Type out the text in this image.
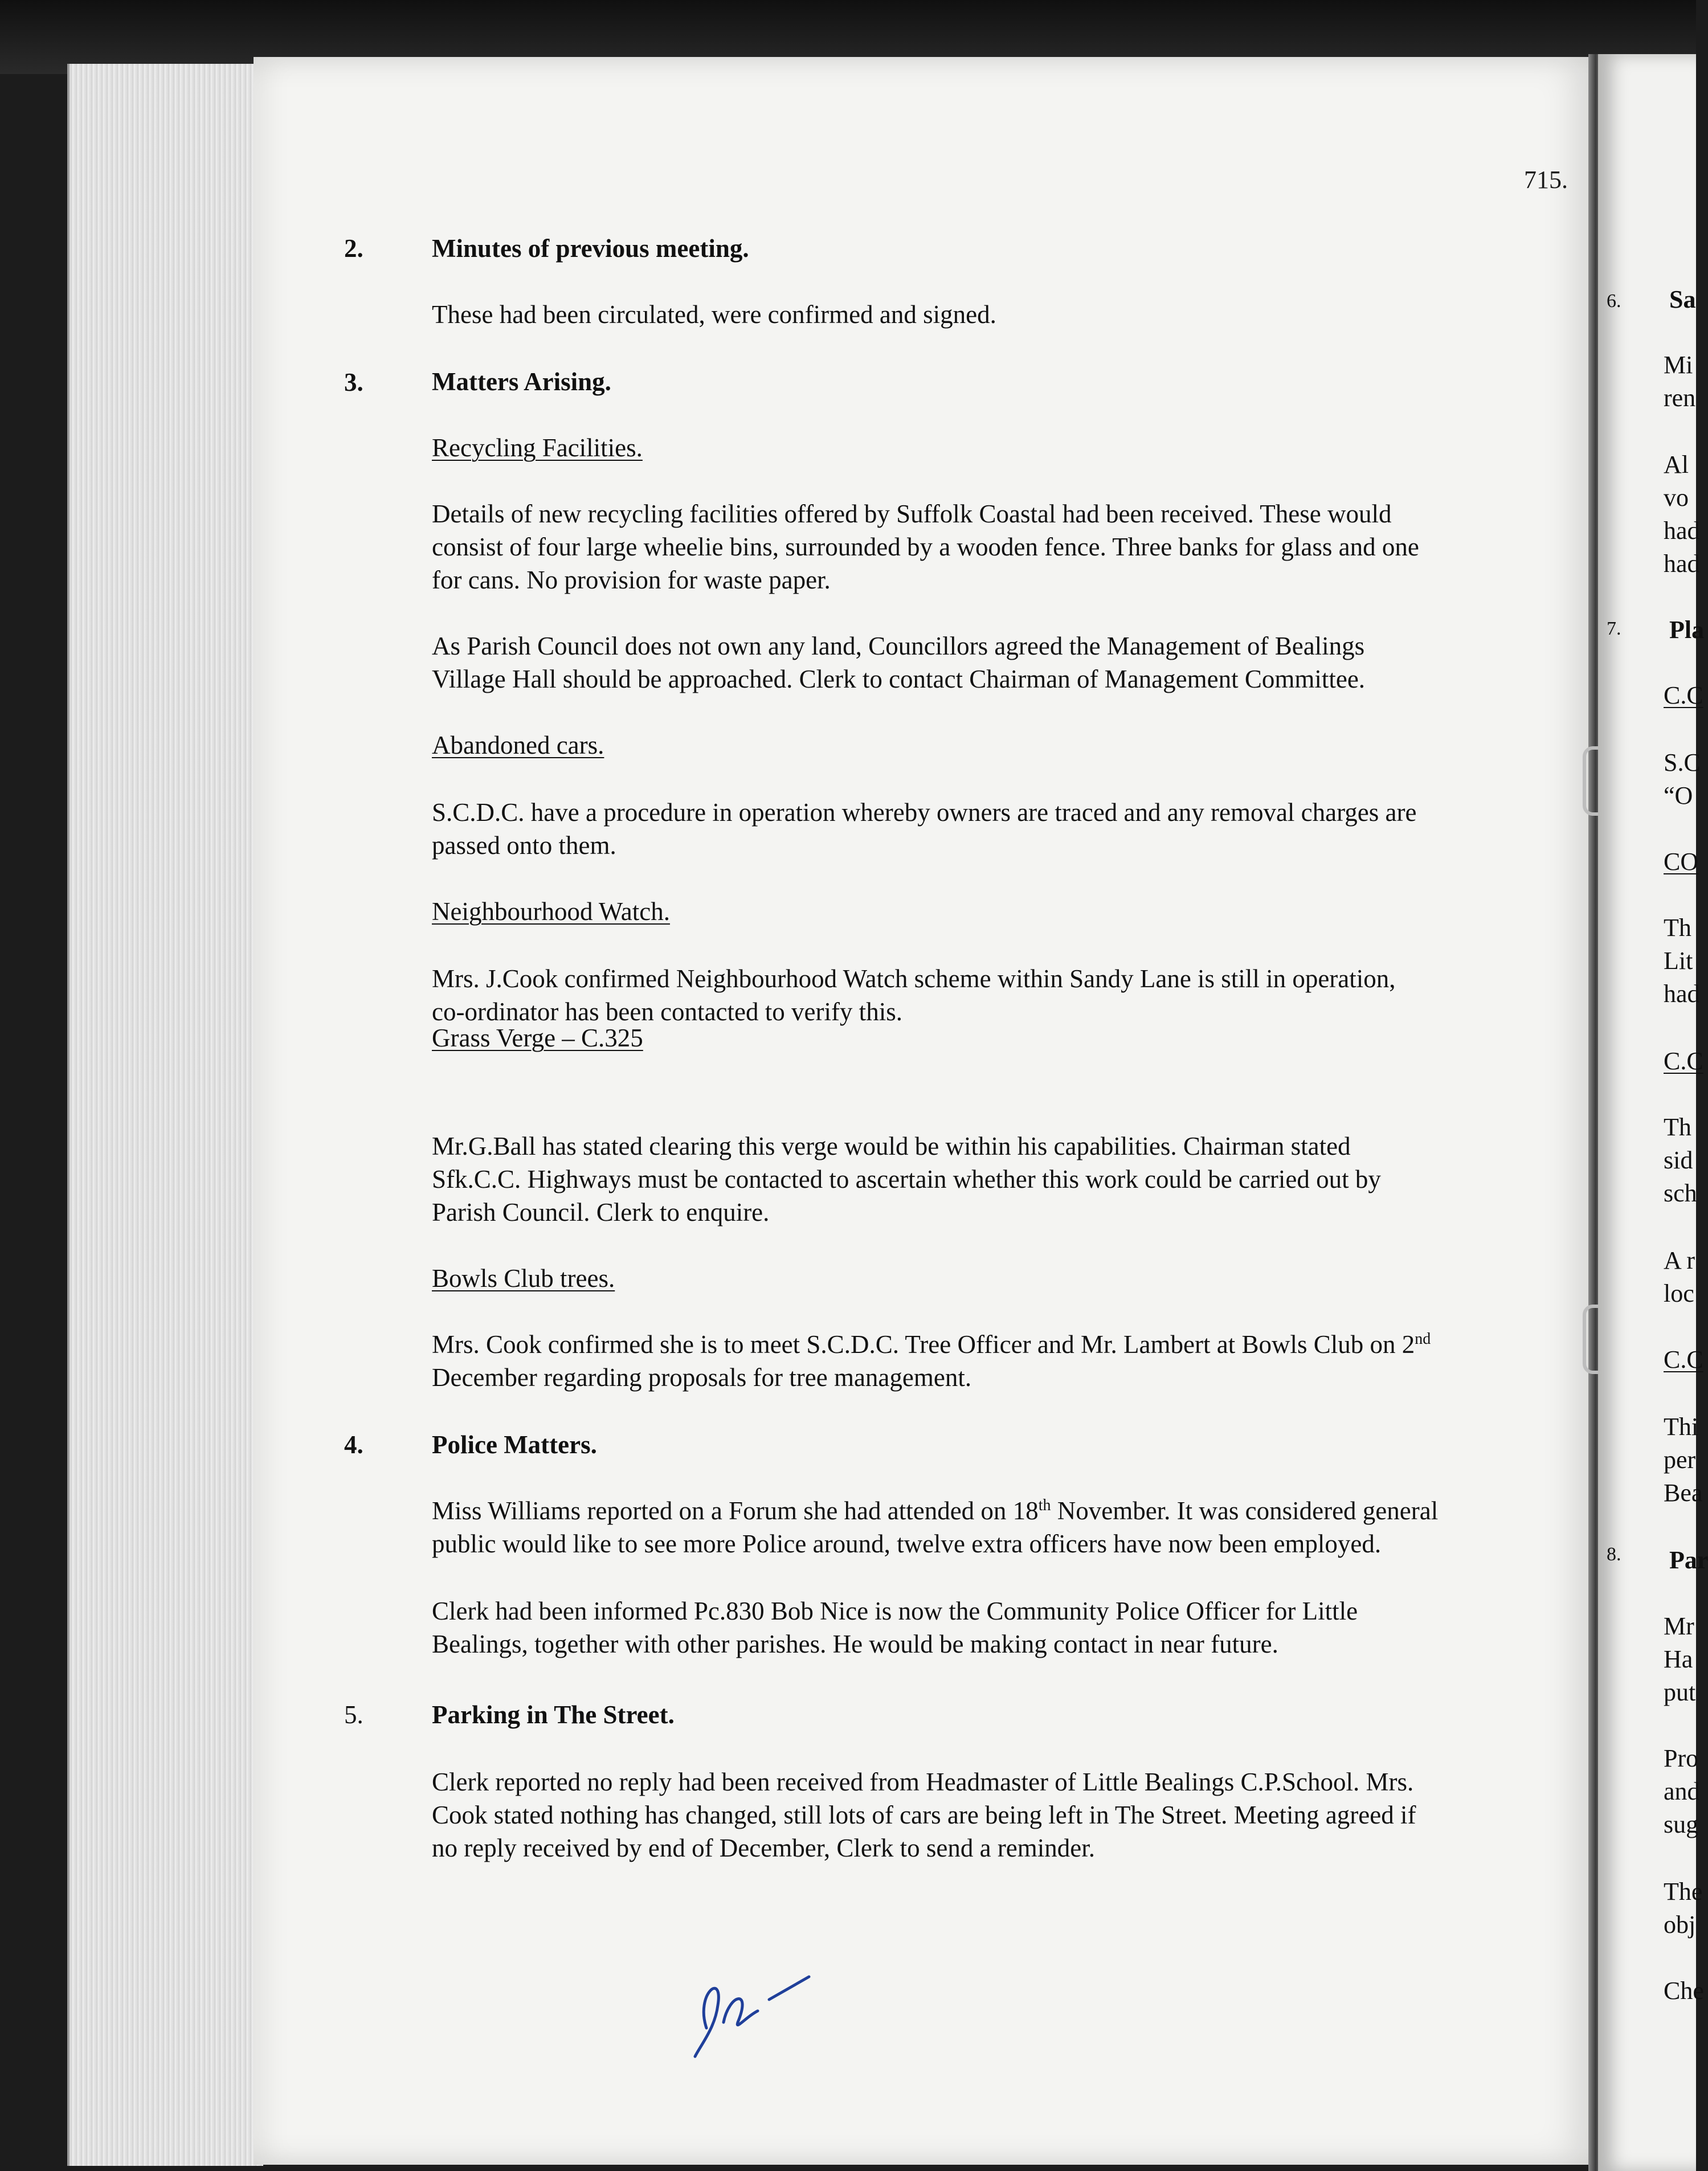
715.
2.	Minutes of previous meeting.
These had been circulated, were confirmed and signed.
3.	Matters Arising.
Recycling Facilities.
Details of new recycling facilities offered by Suffolk Coastal had been received. These would
consist of four large wheelie bins, surrounded by a wooden fence. Three banks for glass and one
for cans. No provision for waste paper.
As Parish Council does not own any land, Councillors agreed the Management of Bealings
Village Hall should be approached. Clerk to contact Chairman of Management Committee.
Abandoned cars.
S.C.D.C. have a procedure in operation whereby owners are traced and any removal charges are
passed onto them.
Neighbourhood Watch.
Mrs. J.Cook confirmed Neighbourhood Watch scheme within Sandy Lane is still in operation,
co-ordinator has been contacted to verify this.
Grass Verge – C.325
Mr.G.Ball has stated clearing this verge would be within his capabilities. Chairman stated
Sfk.C.C. Highways must be contacted to ascertain whether this work could be carried out by
Parish Council. Clerk to enquire.
Bowls Club trees.
Mrs. Cook confirmed she is to meet S.C.D.C. Tree Officer and Mr. Lambert at Bowls Club on 2nd
December regarding proposals for tree management.
4.	Police Matters.
Miss Williams reported on a Forum she had attended on 18th November. It was considered general
public would like to see more Police around, twelve extra officers have now been employed.
Clerk had been informed Pc.830 Bob Nice is now the Community Police Officer for Little
Bealings, together with other parishes. He would be making contact in near future.
5.	Parking in The Street.
Clerk reported no reply had been received from Headmaster of Little Bealings C.P.School. Mrs.
Cook stated nothing has changed, still lots of cars are being left in The Street. Meeting agreed if
no reply received by end of December, Clerk to send a reminder.
6. Sa
Mi
ren
Al
vo
had
had
7. Pla
C.C
S.C
“O
CO
Th
Lit
had
C.C
Th
sid
sch
A r
loc
C.C
Thi
per
Bea
8. Par
Mr
Ha
put
Pro
and
sug
The
obj
Che
